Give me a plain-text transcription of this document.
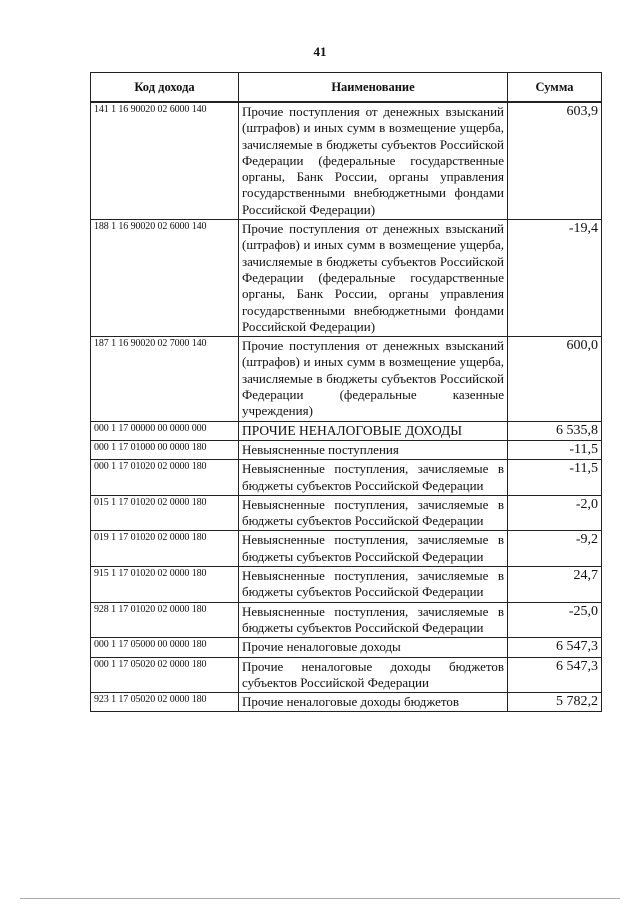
41
Код дохода	Наименование	Сумма
141 1 16 90020 02 6000 140	Прочие поступления от денежных взысканий (штрафов) и иных сумм в возмещение ущерба, зачисляемые в бюджеты субъектов Российской Федерации (федеральные государственные органы, Банк России, органы управления государственными внебюджетными фондами Российской Федерации)	603,9
188 1 16 90020 02 6000 140	Прочие поступления от денежных взысканий (штрафов) и иных сумм в возмещение ущерба, зачисляемые в бюджеты субъектов Российской Федерации (федеральные государственные органы, Банк России, органы управления государственными внебюджетными фондами Российской Федерации)	-19,4
187 1 16 90020 02 7000 140	Прочие поступления от денежных взысканий (штрафов) и иных сумм в возмещение ущерба, зачисляемые в бюджеты субъектов Российской Федерации (федеральные казенные учреждения)	600,0
000 1 17 00000 00 0000 000	ПРОЧИЕ НЕНАЛОГОВЫЕ ДОХОДЫ	6 535,8
000 1 17 01000 00 0000 180	Невыясненные поступления	-11,5
000 1 17 01020 02 0000 180	Невыясненные поступления, зачисляемые в бюджеты субъектов Российской Федерации	-11,5
015 1 17 01020 02 0000 180	Невыясненные поступления, зачисляемые в бюджеты субъектов Российской Федерации	-2,0
019 1 17 01020 02 0000 180	Невыясненные поступления, зачисляемые в бюджеты субъектов Российской Федерации	-9,2
915 1 17 01020 02 0000 180	Невыясненные поступления, зачисляемые в бюджеты субъектов Российской Федерации	24,7
928 1 17 01020 02 0000 180	Невыясненные поступления, зачисляемые в бюджеты субъектов Российской Федерации	-25,0
000 1 17 05000 00 0000 180	Прочие неналоговые доходы	6 547,3
000 1 17 05020 02 0000 180	Прочие неналоговые доходы бюджетов субъектов Российской Федерации	6 547,3
923 1 17 05020 02 0000 180	Прочие неналоговые доходы бюджетов	5 782,2
